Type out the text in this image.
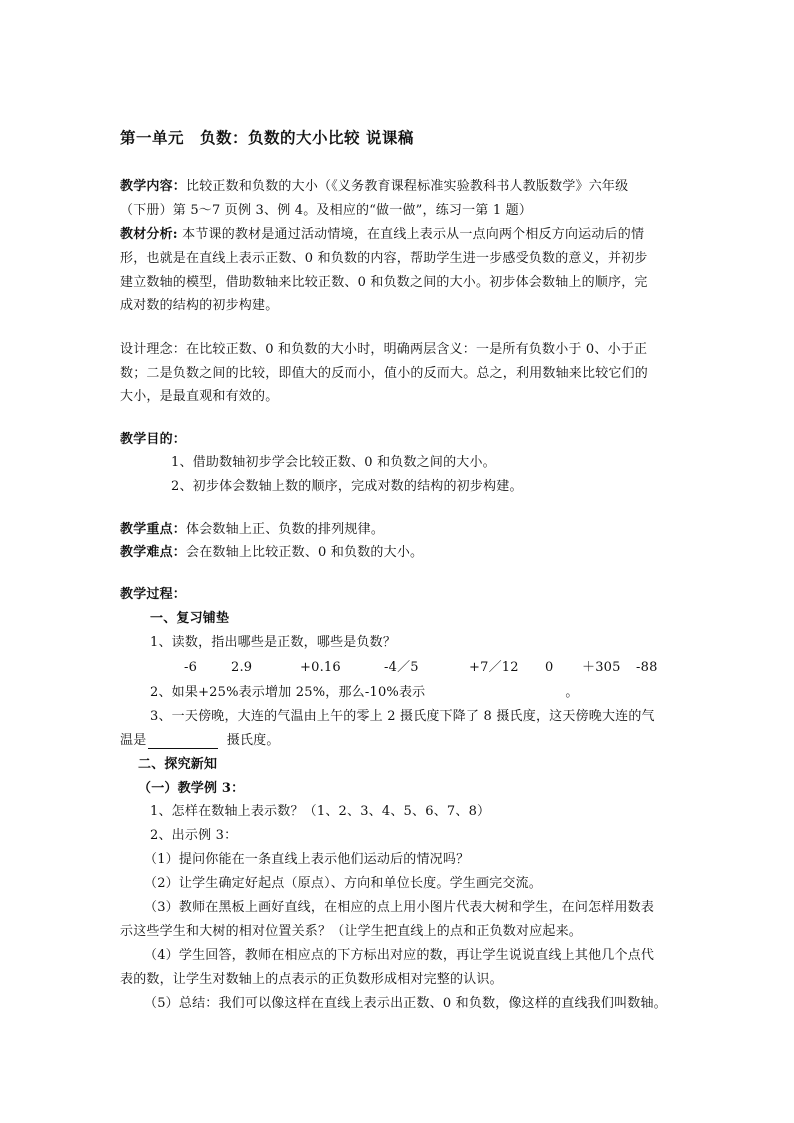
第一单元　负数：负数的大小比较 说课稿
教学内容：比较正数和负数的大小（《义务教育课程标准实验教科书人教版数学》六年级
（下册）第 5～7 页例 3、例 4。及相应的“做一做”，练习一第 1 题）
教材分析: 本节课的教材是通过活动情境，在直线上表示从一点向两个相反方向运动后的情
形，也就是在直线上表示正数、0 和负数的内容，帮助学生进一步感受负数的意义，并初步
建立数轴的模型，借助数轴来比较正数、0 和负数之间的大小。初步体会数轴上的顺序，完
成对数的结构的初步构建。
设计理念：在比较正数、0 和负数的大小时，明确两层含义：一是所有负数小于 0、小于正
数；二是负数之间的比较，即值大的反而小，值小的反而大。总之，利用数轴来比较它们的
大小，是最直观和有效的。
教学目的：
1、借助数轴初步学会比较正数、0 和负数之间的大小。
2、初步体会数轴上数的顺序，完成对数的结构的初步构建。
教学重点：体会数轴上正、负数的排列规律。
教学难点：会在数轴上比较正数、0 和负数的大小。
教学过程：
一、复习铺垫
1、读数，指出哪些是正数，哪些是负数？
-6	2.9	+0.16	-4／5	+7／12 0 ＋305 -88
2、如果+25%表示增加 25%，那么-10%表示	。
3、一天傍晚，大连的气温由上午的零上 2 摄氏度下降了 8 摄氏度，这天傍晚大连的气
温是	摄氏度。
二、探究新知
（一）教学例 3：
1、怎样在数轴上表示数？（1、2、3、4、5、6、7、8）
2、出示例 3：
（1）提问你能在一条直线上表示他们运动后的情况吗？
（2）让学生确定好起点（原点）、方向和单位长度。学生画完交流。
（3）教师在黑板上画好直线，在相应的点上用小图片代表大树和学生，在问怎样用数表
示这些学生和大树的相对位置关系？（让学生把直线上的点和正负数对应起来。
（4）学生回答，教师在相应点的下方标出对应的数，再让学生说说直线上其他几个点代
表的数，让学生对数轴上的点表示的正负数形成相对完整的认识。
（5）总结：我们可以像这样在直线上表示出正数、0 和负数，像这样的直线我们叫数轴。
